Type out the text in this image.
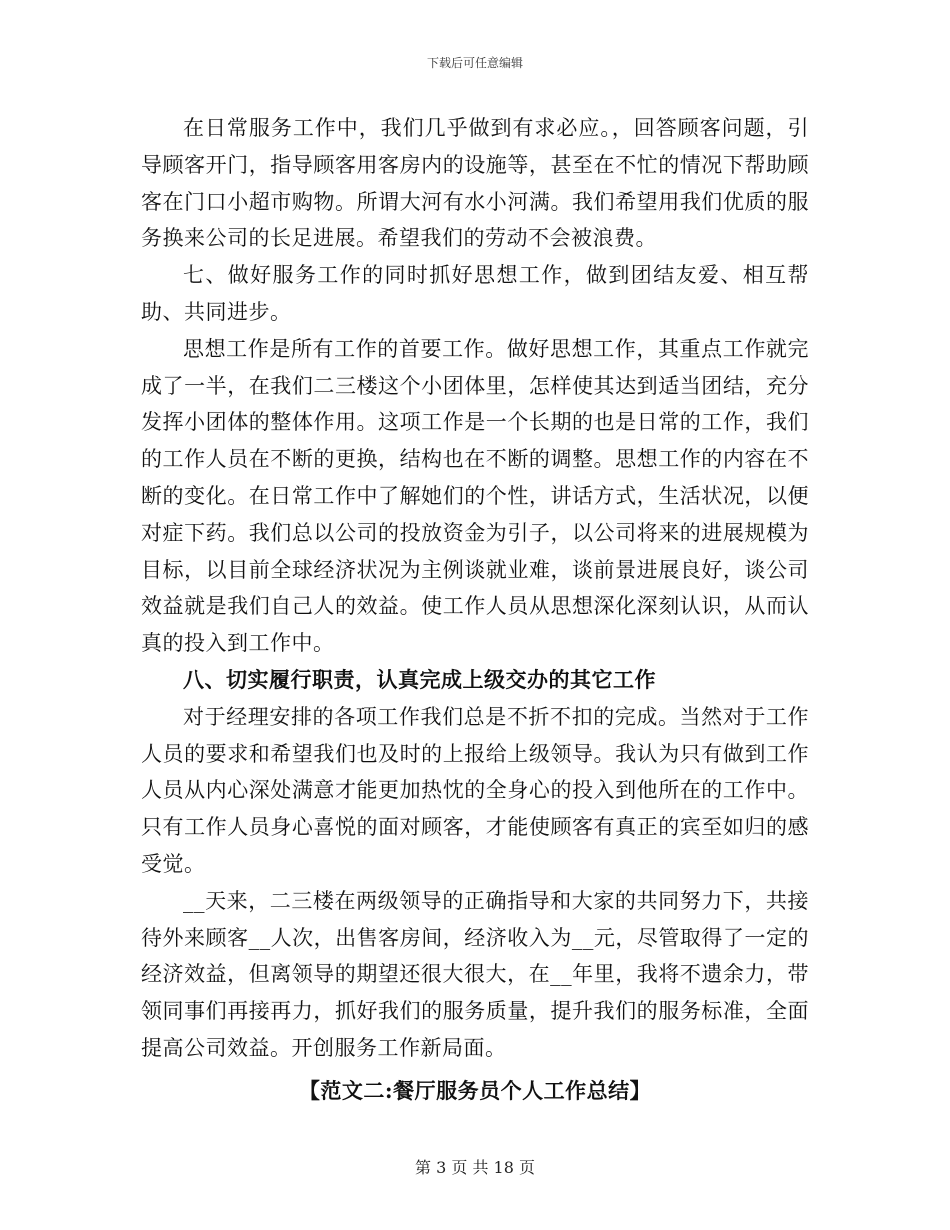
下载后可任意编辑

在日常服务工作中，我们几乎做到有求必应。，回答顾客问题，引导顾客开门，指导顾客用客房内的设施等，甚至在不忙的情况下帮助顾客在门口小超市购物。所谓大河有水小河满。我们希望用我们优质的服务换来公司的长足进展。希望我们的劳动不会被浪费。

七、做好服务工作的同时抓好思想工作，做到团结友爱、相互帮助、共同进步。

思想工作是所有工作的首要工作。做好思想工作，其重点工作就完成了一半，在我们二三楼这个小团体里，怎样使其达到适当团结，充分发挥小团体的整体作用。这项工作是一个长期的也是日常的工作，我们的工作人员在不断的更换，结构也在不断的调整。思想工作的内容在不断的变化。在日常工作中了解她们的个性，讲话方式，生活状况，以便对症下药。我们总以公司的投放资金为引子，以公司将来的进展规模为目标，以目前全球经济状况为主例谈就业难，谈前景进展良好，谈公司效益就是我们自己人的效益。使工作人员从思想深化深刻认识，从而认真的投入到工作中。

八、切实履行职责，认真完成上级交办的其它工作

对于经理安排的各项工作我们总是不折不扣的完成。当然对于工作人员的要求和希望我们也及时的上报给上级领导。我认为只有做到工作人员从内心深处满意才能更加热忱的全身心的投入到他所在的工作中。只有工作人员身心喜悦的面对顾客，才能使顾客有真正的宾至如归的感受觉。

__天来，二三楼在两级领导的正确指导和大家的共同努力下，共接待外来顾客__人次，出售客房间，经济收入为__元，尽管取得了一定的经济效益，但离领导的期望还很大很大，在__年里，我将不遗余力，带领同事们再接再力，抓好我们的服务质量，提升我们的服务标准，全面提高公司效益。开创服务工作新局面。

【范文二:餐厅服务员个人工作总结】

第 3 页 共 18 页
